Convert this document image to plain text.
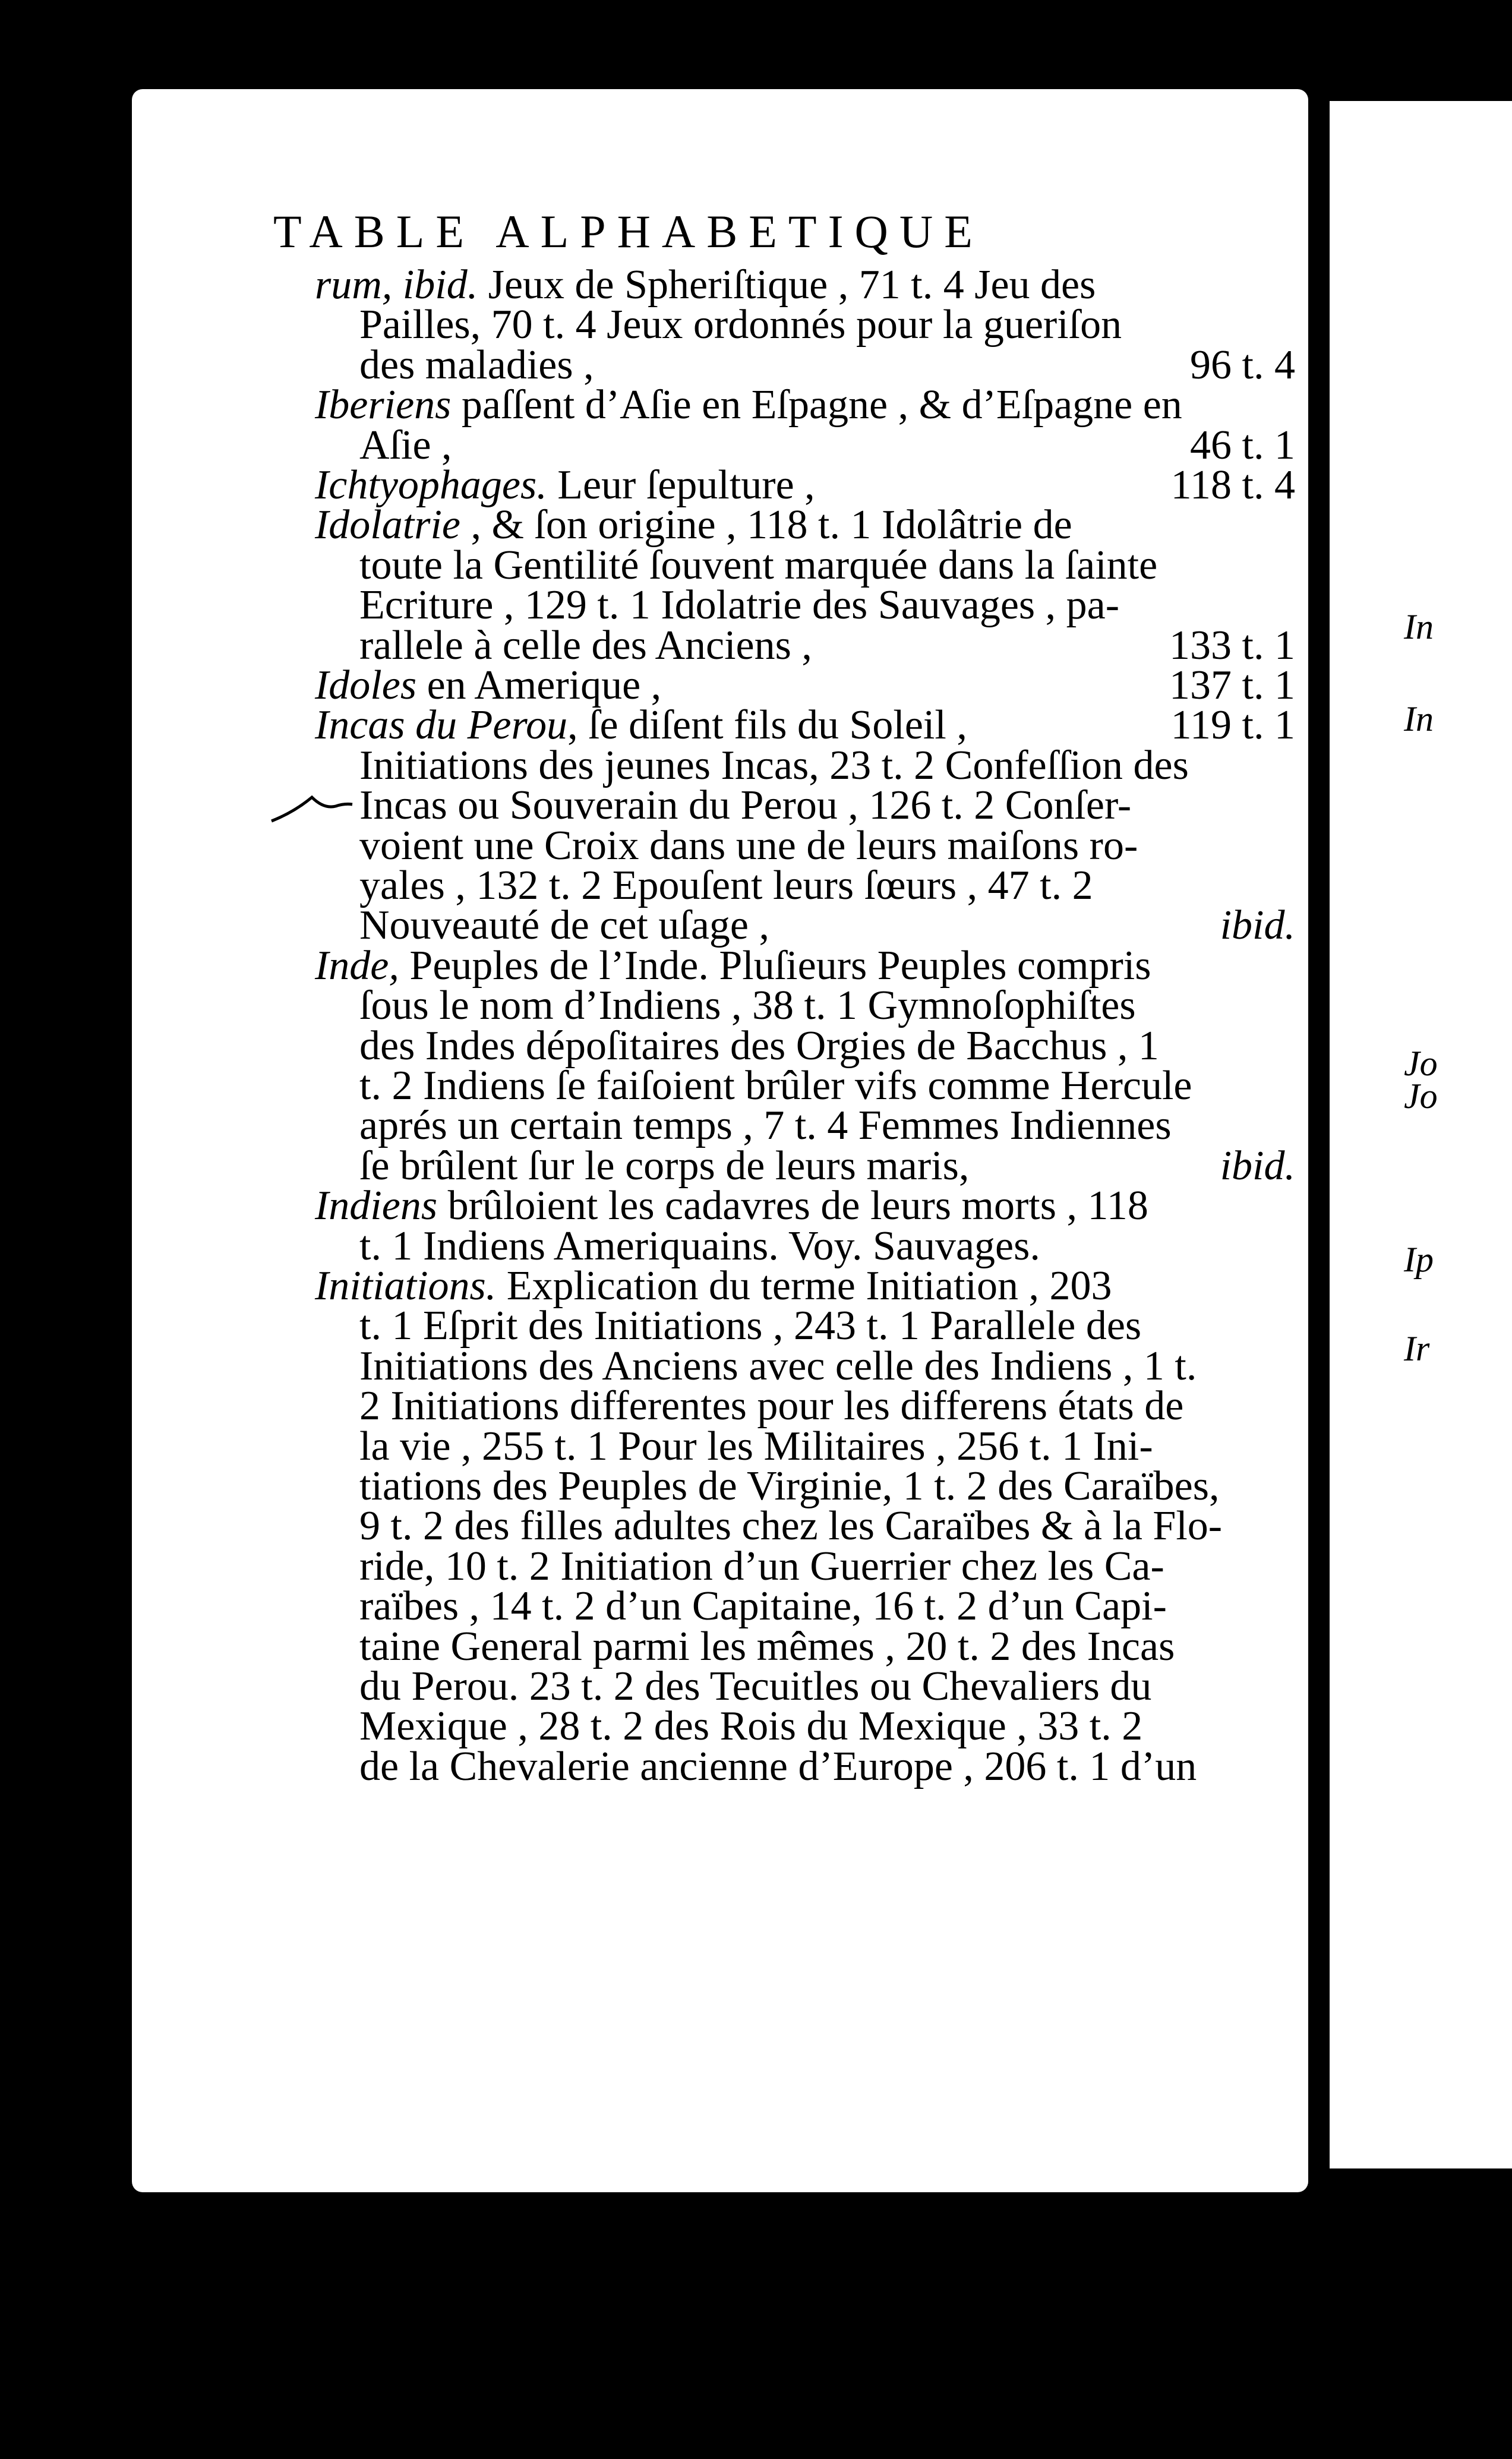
In
In
Jo
Jo
Ip
Ir
TABLE ALPHABETIQUE
rum, ibid. Jeux de Spheriſtique , 71 t. 4 Jeu des
Pailles, 70 t. 4 Jeux ordonnés pour la gueriſon
des maladies ,	96 t. 4
Iberiens paſſent d’Aſie en Eſpagne , & d’Eſpagne en
Aſie ,	46 t. 1
Ichtyophages. Leur ſepulture ,	118 t. 4
Idolatrie , & ſon origine , 118 t. 1 Idolâtrie de
toute la Gentilité ſouvent marquée dans la ſainte
Ecriture , 129 t. 1 Idolatrie des Sauvages , pa-
rallele à celle des Anciens ,	133 t. 1
Idoles en Amerique ,	137 t. 1
Incas du Perou, ſe diſent fils du Soleil ,	119 t. 1
Initiations des jeunes Incas, 23 t. 2 Confeſſion des
Incas ou Souverain du Perou , 126 t. 2 Conſer-
voient une Croix dans une de leurs maiſons ro-
yales , 132 t. 2 Epouſent leurs ſœurs , 47 t. 2
Nouveauté de cet uſage ,	ibid.
Inde, Peuples de l’Inde. Pluſieurs Peuples compris
ſous le nom d’Indiens , 38 t. 1 Gymnoſophiſtes
des Indes dépoſitaires des Orgies de Bacchus , 1
t. 2 Indiens ſe faiſoient brûler vifs comme Hercule
aprés un certain temps , 7 t. 4 Femmes Indiennes
ſe brûlent ſur le corps de leurs maris,	ibid.
Indiens brûloient les cadavres de leurs morts , 118
t. 1 Indiens Ameriquains. Voy. Sauvages.
Initiations. Explication du terme Initiation , 203
t. 1 Eſprit des Initiations , 243 t. 1 Parallele des
Initiations des Anciens avec celle des Indiens , 1 t.
2 Initiations differentes pour les differens états de
la vie , 255 t. 1 Pour les Militaires , 256 t. 1 Ini-
tiations des Peuples de Virginie, 1 t. 2 des Caraïbes,
9 t. 2 des filles adultes chez les Caraïbes & à la Flo-
ride, 10 t. 2 Initiation d’un Guerrier chez les Ca-
raïbes , 14 t. 2 d’un Capitaine, 16 t. 2 d’un Capi-
taine General parmi les mêmes , 20 t. 2 des Incas
du Perou. 23 t. 2 des Tecuitles ou Chevaliers du
Mexique , 28 t. 2 des Rois du Mexique , 33 t. 2
de la Chevalerie ancienne d’Europe , 206 t. 1 d’un
